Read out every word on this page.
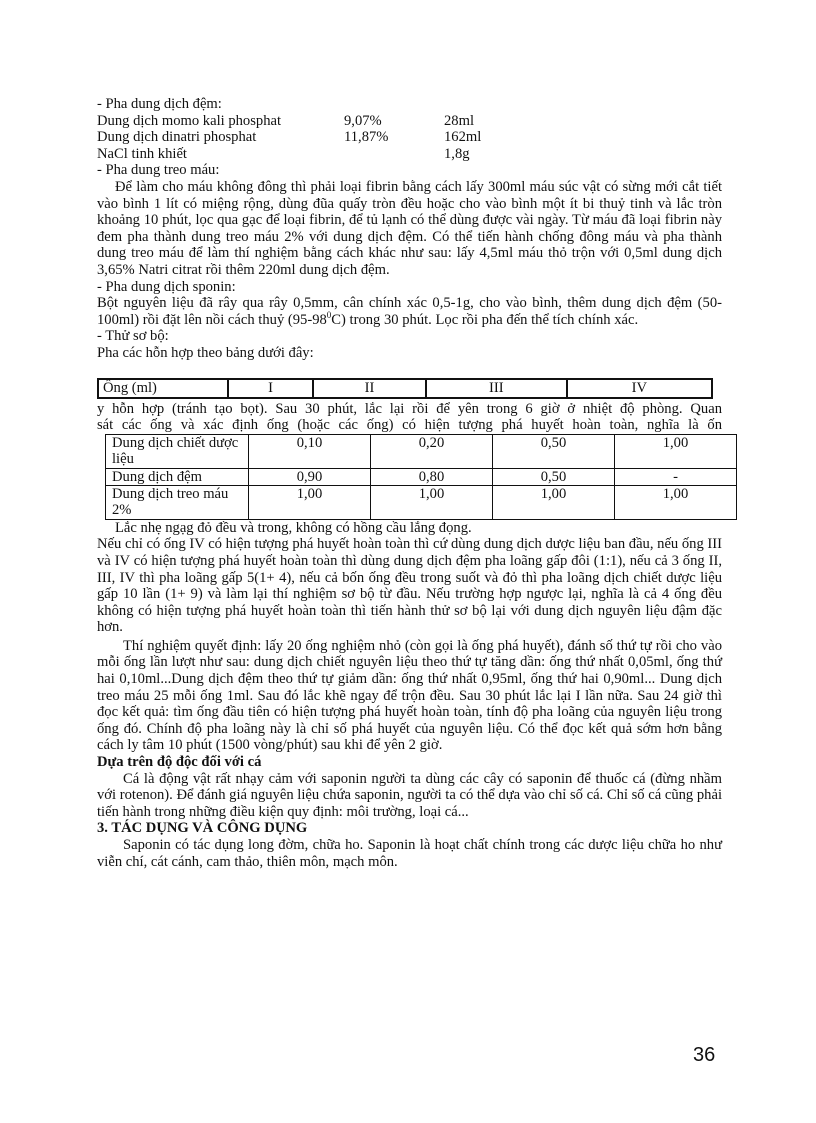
- Pha dung dịch đệm:

Dung dịch momo kali phosphat	9,07%	28ml
Dung dịch dinatri phosphat	11,87%	162ml
NaCl tinh khiết	1,8g

- Pha dung treo máu:

Để làm cho máu không đông thì phải loại fibrin bằng cách lấy 300ml máu súc vật có sừng mới cắt tiết vào bình 1 lít có miệng rộng, dùng đũa quấy tròn đều hoặc cho vào bình một ít bi thuỷ tinh và lắc tròn khoảng 10 phút, lọc qua gạc để loại fibrin, để tủ lạnh có thể dùng được vài ngày. Từ máu đã loại fibrin này đem pha thành dung treo máu 2% với dung dịch đệm. Có thể tiến hành chống đông máu và pha thành dung treo máu để làm thí nghiệm bằng cách khác như sau: lấy 4,5ml máu thỏ trộn với 0,5ml dung dịch 3,65% Natri citrat rồi thêm 220ml dung dịch đệm.

- Pha dung dịch sponin:

Bột nguyên liệu đã rây qua rây 0,5mm, cân chính xác 0,5-1g, cho vào bình, thêm dung dịch đệm (50-100ml) rồi đặt lên nồi cách thuỷ $(95-98^0C)$ trong 30 phút. Lọc rồi pha đến thể tích chính xác.

- Thử sơ bộ:

Pha các hỗn hợp theo bảng dưới đây:

Ống (ml)	I	II	III	IV

y hỗn hợp (tránh tạo bọt). Sau 30 phút, lắc lại rồi để yên trong 6 giờ ở nhiệt độ phòng. Quan

sát các ống và xác định ống (hoặc các ống) có hiện tượng phá huyết hoàn toàn, nghĩa là ốn

Dung dịch chiết dược liệu	0,10	0,20	0,50	1,00
Dung dịch đệm	0,90	0,80	0,50	-
Dung dịch treo máu 2%	1,00	1,00	1,00	1,00

Lắc nhẹ ngạg đỏ đều và trong, không có hồng cầu lắng đọng.

Nếu chỉ có ống IV có hiện tượng phá huyết hoàn toàn thì cứ dùng dung dịch dược liệu ban đầu, nếu ống III và IV có hiện tượng phá huyết hoàn toàn thì dùng dung dịch đệm pha loãng gấp đôi (1:1), nếu cả 3 ống II, III, IV thì pha loãng gấp 5(1+ 4), nếu cả bốn ống đều trong suốt và đỏ thì pha loãng dịch chiết dược liệu gấp 10 lần (1+ 9) và làm lại thí nghiệm sơ bộ từ đầu. Nếu trường hợp ngược lại, nghĩa là cả 4 ống đều không có hiện tượng phá huyết hoàn toàn thì tiến hành thử sơ bộ lại với dung dịch nguyên liệu đậm đặc hơn.

Thí nghiệm quyết định: lấy 20 ống nghiệm nhỏ (còn gọi là ống phá huyết), đánh số thứ tự rồi cho vào mỗi ống lần lượt như sau: dung dịch chiết nguyên liệu theo thứ tự tăng dần: ống thứ nhất 0,05ml, ống thứ hai 0,10ml...Dung dịch đệm theo thứ tự giảm dần: ống thứ nhất 0,95ml, ống thứ hai 0,90ml... Dung dịch treo máu 25 mỗi ống 1ml. Sau đó lắc khẽ ngay để trộn đều. Sau 30 phút lắc lại I lần nữa. Sau 24 giờ thì đọc kết quả: tìm ống đầu tiên có hiện tượng phá huyết hoàn toàn, tính độ pha loãng của nguyên liệu trong ống đó. Chính độ pha loãng này là chỉ số phá huyết của nguyên liệu. Có thể đọc kết quả sớm hơn bằng cách ly tâm 10 phút (1500 vòng/phút) sau khi để yên 2 giờ.

Dựa trên độ độc đối với cá

Cá là động vật rất nhạy cảm với saponin người ta dùng các cây có saponin để thuốc cá (đừng nhầm với rotenon). Để đánh giá nguyên liệu chứa saponin, người ta có thể dựa vào chỉ số cá. Chỉ số cá cũng phải tiến hành trong những điều kiện quy định: môi trường, loại cá...

3. TÁC DỤNG VÀ CÔNG DỤNG

Saponin có tác dụng long đờm, chữa ho. Saponin là hoạt chất chính trong các dược liệu chữa ho như viễn chí, cát cánh, cam thảo, thiên môn, mạch môn.

36
